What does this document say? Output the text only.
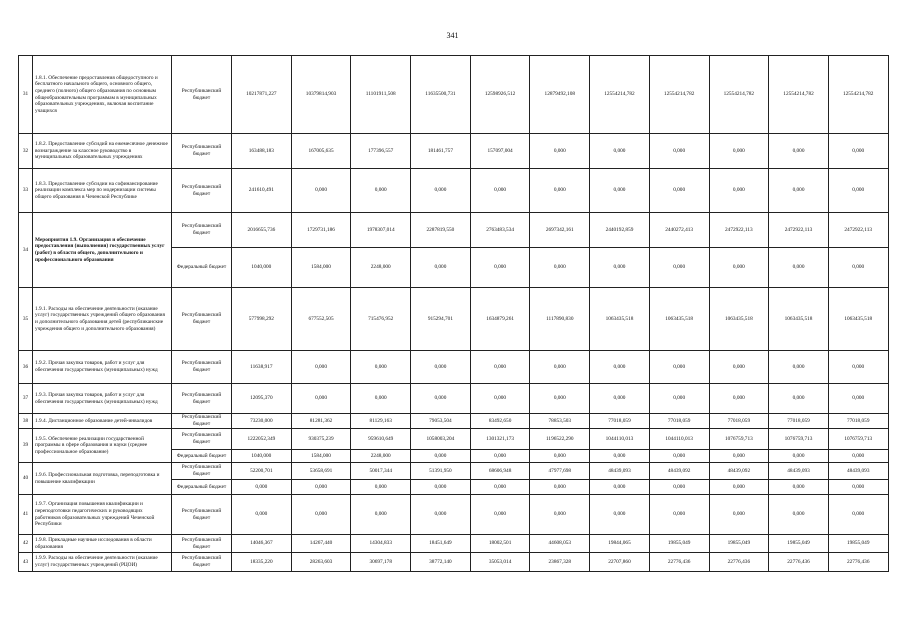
341
31	1.8.1. Обеспечение предоставления общедоступного и бесплатного начального общего, основного общего, среднего (полного) общего образования по основным общеобразовательным программам в муниципальных образовательных учреждениях, включая воспитание учащихся	Республиканский бюджет	10217871,227	10379814,903	11101911,508	11635500,731	12598926,512	12879492,108	12554214,782	12554214,782	12554214,782	12554214,782	12554214,782
32	1.8.2. Предоставление субсидий на ежемесячное денежное вознаграждение за классное руководство в муниципальных образовательных учреждениях	Республиканский бюджет	163488,183	167005,635	177396,557	181461,757	157097,004	0,000	0,000	0,000	0,000	0,000	0,000
33	1.8.3. Предоставление субсидии на софинансирование реализации комплекса мер по модернизации системы общего образования в Чеченской Республике	Республиканский бюджет	241610,491	0,000	0,000	0,000	0,000	0,000	0,000	0,000	0,000	0,000	0,000
34	Мероприятия 1.9. Организация и обеспечение предоставления (выполнения) государственных услуг (работ) в области общего, дополнительного и профессионального образования	Республиканский бюджет	2016655,736	1729731,186	1978307,014	2287819,550	2763483,534	2697342,161	2440192,859	2440272,413	2472922,113	2472922,113	2472922,113
		Федеральный бюджет	1040,000	1584,000	2248,000	0,000	0,000	0,000	0,000	0,000	0,000	0,000	0,000
35	1.9.1. Расходы на обеспечение деятельности (оказание услуг) государственных учреждений общего образования и дополнительного образования детей (республиканские учреждения общего и дополнительного образования)	Республиканский бюджет	577998,292	677552,505	715476,952	915294,701	1634879,261	1117890,830	1063435,518	1063435,518	1063435,518	1063435,518	1063435,518
36	1.9.2. Прочая закупка товаров, работ и услуг для обеспечения государственных (муниципальных) нужд	Республиканский бюджет	11638,917	0,000	0,000	0,000	0,000	0,000	0,000	0,000	0,000	0,000	0,000
37	1.9.3. Прочая закупка товаров, работ и услуг для обеспечения государственных (муниципальных) нужд	Республиканский бюджет	12095,370	0,000	0,000	0,000	0,000	0,000	0,000	0,000	0,000	0,000	0,000
38	1.9.4. Дистанционное образование детей-инвалидов	Республиканский бюджет	73230,000	81281,362	81129,163	79053,504	83492,650	78853,503	77018,059	77018,059	77018,059	77018,059	77018,059
39	1.9.5. Обеспечение реализации государственной программы в сфере образования и науки (среднее профессиональное образование)	Республиканский бюджет	1222052,349	930375,239	959610,649	1058003,204	1301321,173	1196522,290	1044110,013	1044110,013	1076759,713	1076759,713	1076759,713
		Федеральный бюджет	1040,000	1584,000	2248,000	0,000	0,000	0,000	0,000	0,000	0,000	0,000	0,000
40	1.9.6. Профессиональная подготовка, переподготовка и повышение квалификации	Республиканский бюджет	52200,701	53658,691	50017,344	51391,950	68606,948	47977,698	48439,093	48439,092	48439,092	48439,093	48439,093
		Федеральный бюджет	0,000	0,000	0,000	0,000	0,000	0,000	0,000	0,000	0,000	0,000	0,000
41	1.9.7. Организация повышения квалификации и переподготовки педагогических и руководящих работников образовательных учреждений Чеченской Республики	Республиканский бюджет	0,000	0,000	0,000	0,000	0,000	0,000	0,000	0,000	0,000	0,000	0,000
42	1.9.8. Прикладные научные исследования в области образования	Республиканский бюджет	14046,367	14267,440	14304,833	18451,649	18002,501	44608,053	19844,065	19855,049	19855,049	19855,049	19855,049
43	1.9.9. Расходы на обеспечение деятельности (оказание услуг) государственных учреждений (РЦОИ)	Республиканский бюджет	18335,220	28263,603	30697,178	38772,140	35053,014	23867,328	22707,860	22776,436	22776,436	22776,436	22776,436
